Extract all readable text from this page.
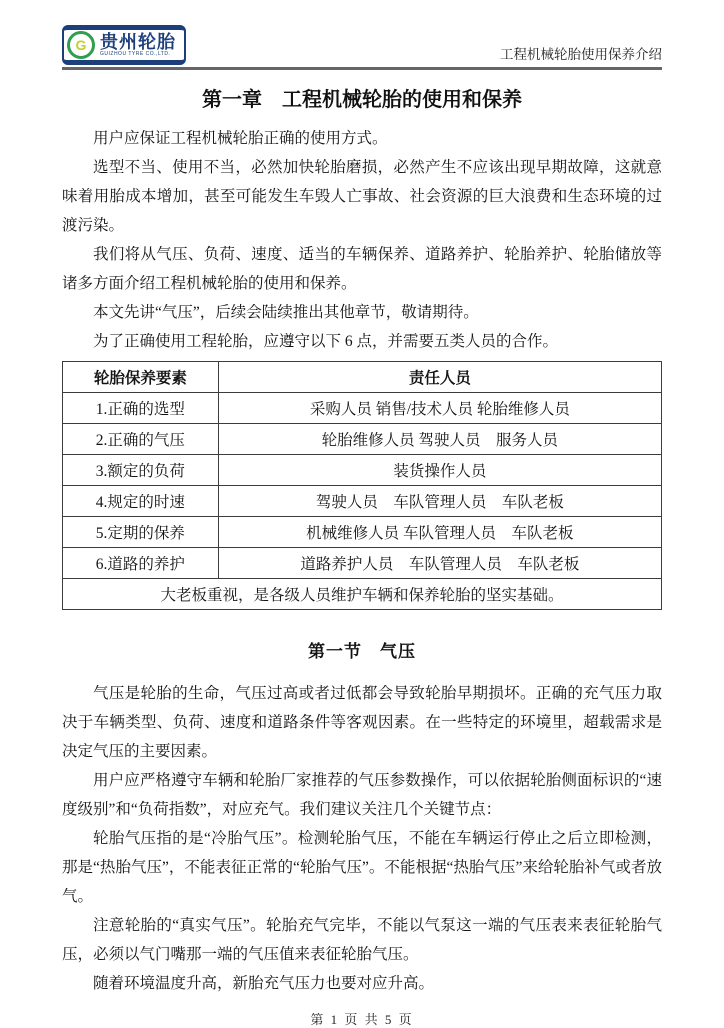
G 贵州轮胎
GUIZHOU TYRE CO.,LTD.	工程机械轮胎使用保养介绍
第一章　工程机械轮胎的使用和保养

用户应保证工程机械轮胎正确的使用方式。

选型不当、使用不当，必然加快轮胎磨损，必然产生不应该出现早期故障，这就意味着用胎成本增加，甚至可能发生车毁人亡事故、社会资源的巨大浪费和生态环境的过渡污染。

我们将从气压、负荷、速度、适当的车辆保养、道路养护、轮胎养护、轮胎储放等诸多方面介绍工程机械轮胎的使用和保养。

本文先讲“气压”，后续会陆续推出其他章节，敬请期待。

为了正确使用工程轮胎，应遵守以下 6 点，并需要五类人员的合作。

轮胎保养要素	责任人员
1.正确的选型	采购人员 销售/技术人员 轮胎维修人员
2.正确的气压	轮胎维修人员 驾驶人员　服务人员
3.额定的负荷	装货操作人员
4.规定的时速	驾驶人员　车队管理人员　车队老板
5.定期的保养	机械维修人员 车队管理人员　车队老板
6.道路的养护	道路养护人员　车队管理人员　车队老板
大老板重视，是各级人员维护车辆和保养轮胎的坚实基础。	
第一节　气压

气压是轮胎的生命，气压过高或者过低都会导致轮胎早期损坏。正确的充气压力取决于车辆类型、负荷、速度和道路条件等客观因素。在一些特定的环境里，超载需求是决定气压的主要因素。

用户应严格遵守车辆和轮胎厂家推荐的气压参数操作，可以依据轮胎侧面标识的“速度级别”和“负荷指数”，对应充气。我们建议关注几个关键节点：

轮胎气压指的是“冷胎气压”。检测轮胎气压，不能在车辆运行停止之后立即检测，那是“热胎气压”，不能表征正常的“轮胎气压”。不能根据“热胎气压”来给轮胎补气或者放气。

注意轮胎的“真实气压”。轮胎充气完毕，不能以气泵这一端的气压表来表征轮胎气压，必须以气门嘴那一端的气压值来表征轮胎气压。

随着环境温度升高，新胎充气压力也要对应升高。

第 1 页 共 5 页
